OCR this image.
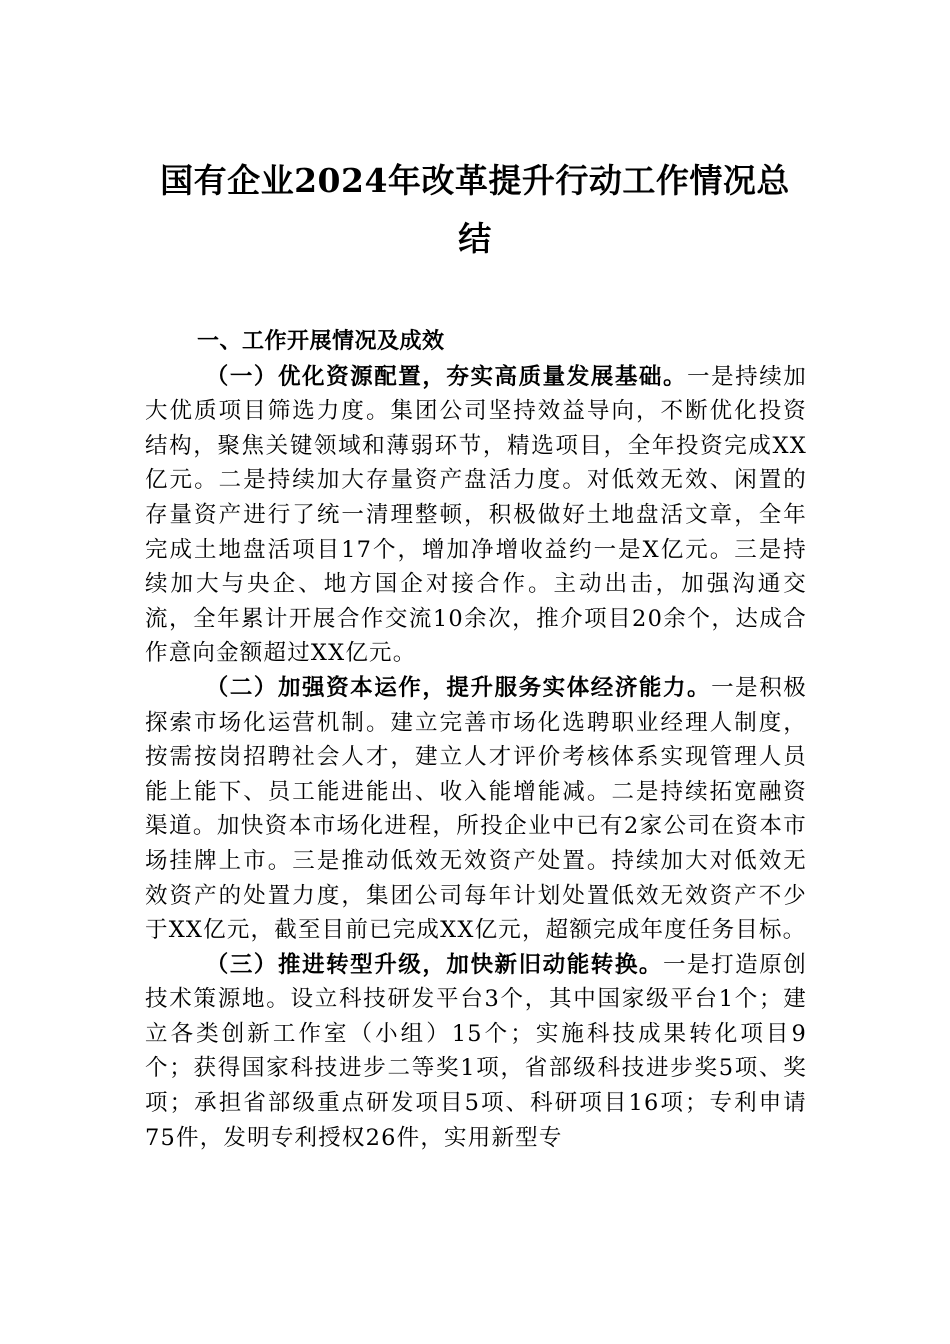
国有企业2024年改革提升行动工作情况总
结

一、工作开展情况及成效

（一）优化资源配置，夯实高质量发展基础。一是持续加大优质项目筛选力度。集团公司坚持效益导向，不断优化投资结构，聚焦关键领域和薄弱环节，精选项目，全年投资完成XX亿元。二是持续加大存量资产盘活力度。对低效无效、闲置的存量资产进行了统一清理整顿，积极做好土地盘活文章，全年完成土地盘活项目17个，增加净增收益约一是X亿元。三是持续加大与央企、地方国企对接合作。主动出击，加强沟通交流，全年累计开展合作交流10余次，推介项目20余个，达成合作意向金额超过XX亿元。

（二）加强资本运作，提升服务实体经济能力。一是积极探索市场化运营机制。建立完善市场化选聘职业经理人制度，按需按岗招聘社会人才，建立人才评价考核体系实现管理人员能上能下、员工能进能出、收入能增能减。二是持续拓宽融资渠道。加快资本市场化进程，所投企业中已有2家公司在资本市场挂牌上市。三是推动低效无效资产处置。持续加大对低效无效资产的处置力度，集团公司每年计划处置低效无效资产不少于XX亿元，截至目前已完成XX亿元，超额完成年度任务目标。

（三）推进转型升级，加快新旧动能转换。一是打造原创技术策源地。设立科技研发平台3个，其中国家级平台1个；建立各类创新工作室（小组）15个；实施科技成果转化项目9个；获得国家科技进步二等奖1项，省部级科技进步奖5项、奖项；承担省部级重点研发项目5项、科研项目16项；专利申请75件，发明专利授权26件，实用新型专
